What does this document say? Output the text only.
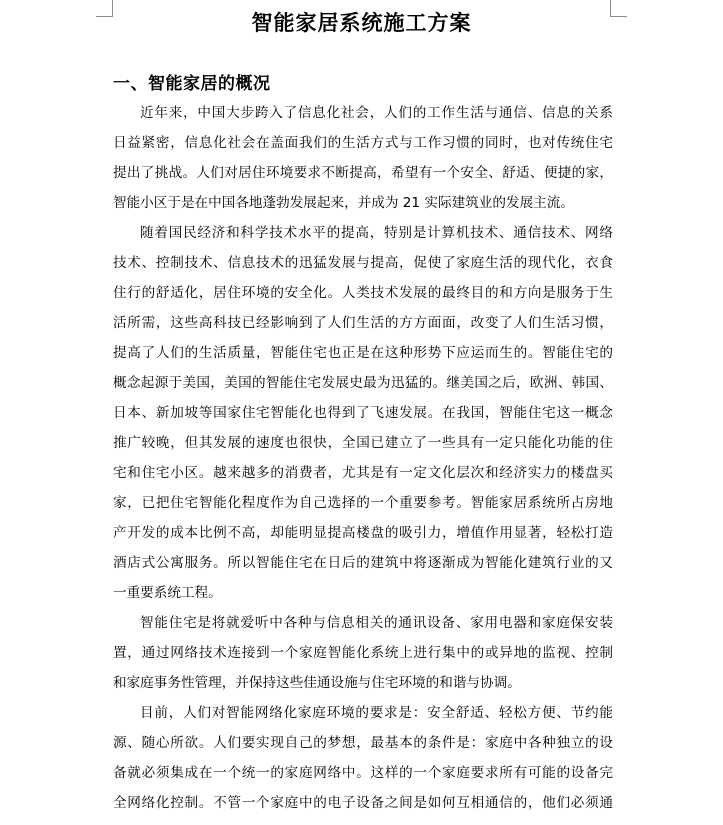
智能家居系统施工方案
一、智能家居的概况

近年来，中国大步跨入了信息化社会，人们的工作生活与通信、信息的关系
日益紧密，信息化社会在盖面我们的生活方式与工作习惯的同时，也对传统住宅
提出了挑战。人们对居住环境要求不断提高，希望有一个安全、舒适、便捷的家，
智能小区于是在中国各地蓬勃发展起来，并成为 21 实际建筑业的发展主流。

随着国民经济和科学技术水平的提高，特别是计算机技术、通信技术、网络
技术、控制技术、信息技术的迅猛发展与提高，促使了家庭生活的现代化，衣食
住行的舒适化，居住环境的安全化。人类技术发展的最终目的和方向是服务于生
活所需，这些高科技已经影响到了人们生活的方方面面，改变了人们生活习惯，
提高了人们的生活质量，智能住宅也正是在这种形势下应运而生的。智能住宅的
概念起源于美国，美国的智能住宅发展史最为迅猛的。继美国之后，欧洲、韩国、
日本、新加坡等国家住宅智能化也得到了飞速发展。在我国，智能住宅这一概念
推广较晚，但其发展的速度也很快，全国已建立了一些具有一定只能化功能的住
宅和住宅小区。越来越多的消费者，尤其是有一定文化层次和经济实力的楼盘买
家，已把住宅智能化程度作为自己选择的一个重要参考。智能家居系统所占房地
产开发的成本比例不高，却能明显提高楼盘的吸引力，增值作用显著，轻松打造
酒店式公寓服务。所以智能住宅在日后的建筑中将逐渐成为智能化建筑行业的又
一重要系统工程。

智能住宅是将就爱听中各种与信息相关的通讯设备、家用电器和家庭保安装
置，通过网络技术连接到一个家庭智能化系统上进行集中的或异地的监视、控制
和家庭事务性管理，并保持这些佳通设施与住宅环境的和谐与协调。

目前，人们对智能网络化家庭环境的要求是：安全舒适、轻松方便、节约能
源、随心所欲。人们要实现自己的梦想，最基本的条件是：家庭中各种独立的设
备就必须集成在一个统一的家庭网络中。这样的一个家庭要求所有可能的设备完
全网络化控制。不管一个家庭中的电子设备之间是如何互相通信的，他们必须通
